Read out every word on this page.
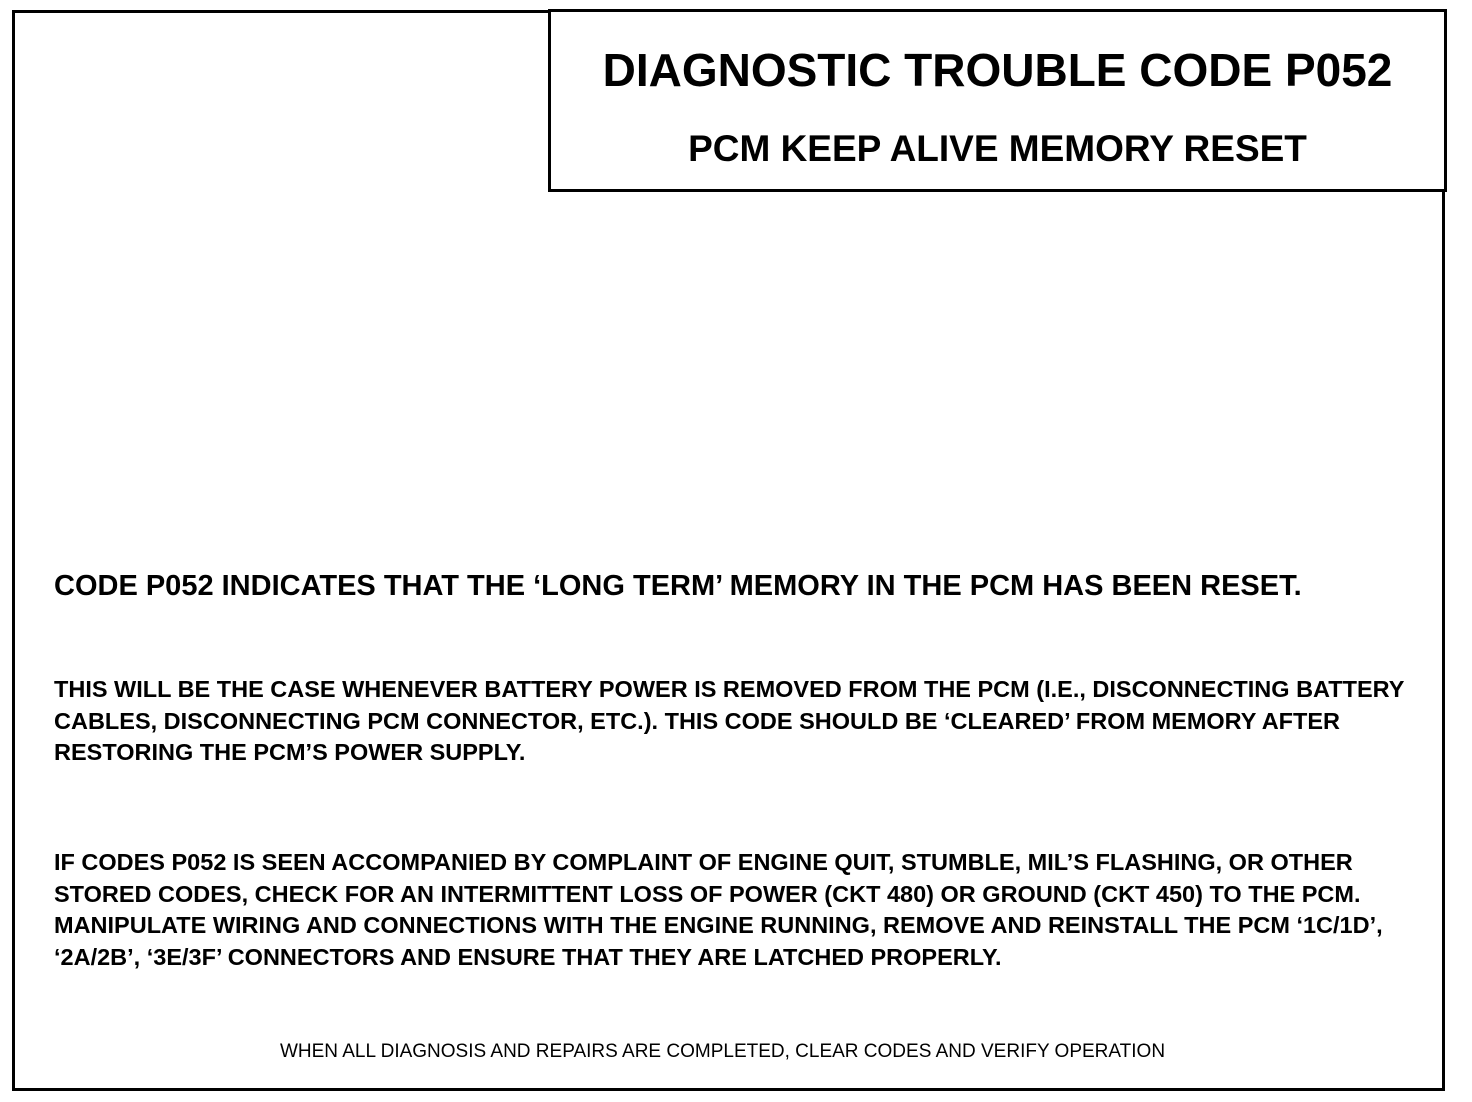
DIAGNOSTIC TROUBLE CODE P052
PCM KEEP ALIVE MEMORY RESET

CODE P052 INDICATES THAT THE ‘LONG TERM’ MEMORY IN THE PCM HAS BEEN RESET.

THIS WILL BE THE CASE WHENEVER BATTERY POWER IS REMOVED FROM THE PCM (I.E., DISCONNECTING BATTERY CABLES, DISCONNECTING PCM CONNECTOR, ETC.). THIS CODE SHOULD BE ‘CLEARED’ FROM MEMORY AFTER RESTORING THE PCM’S POWER SUPPLY.

IF CODES P052 IS SEEN ACCOMPANIED BY COMPLAINT OF ENGINE QUIT, STUMBLE, MIL’S FLASHING, OR OTHER STORED CODES, CHECK FOR AN INTERMITTENT LOSS OF POWER (CKT 480) OR GROUND (CKT 450) TO THE PCM. MANIPULATE WIRING AND CONNECTIONS WITH THE ENGINE RUNNING, REMOVE AND REINSTALL THE PCM ‘1C/1D’, ‘2A/2B’, ‘3E/3F’ CONNECTORS AND ENSURE THAT THEY ARE LATCHED PROPERLY.

WHEN ALL DIAGNOSIS AND REPAIRS ARE COMPLETED, CLEAR CODES AND VERIFY OPERATION
